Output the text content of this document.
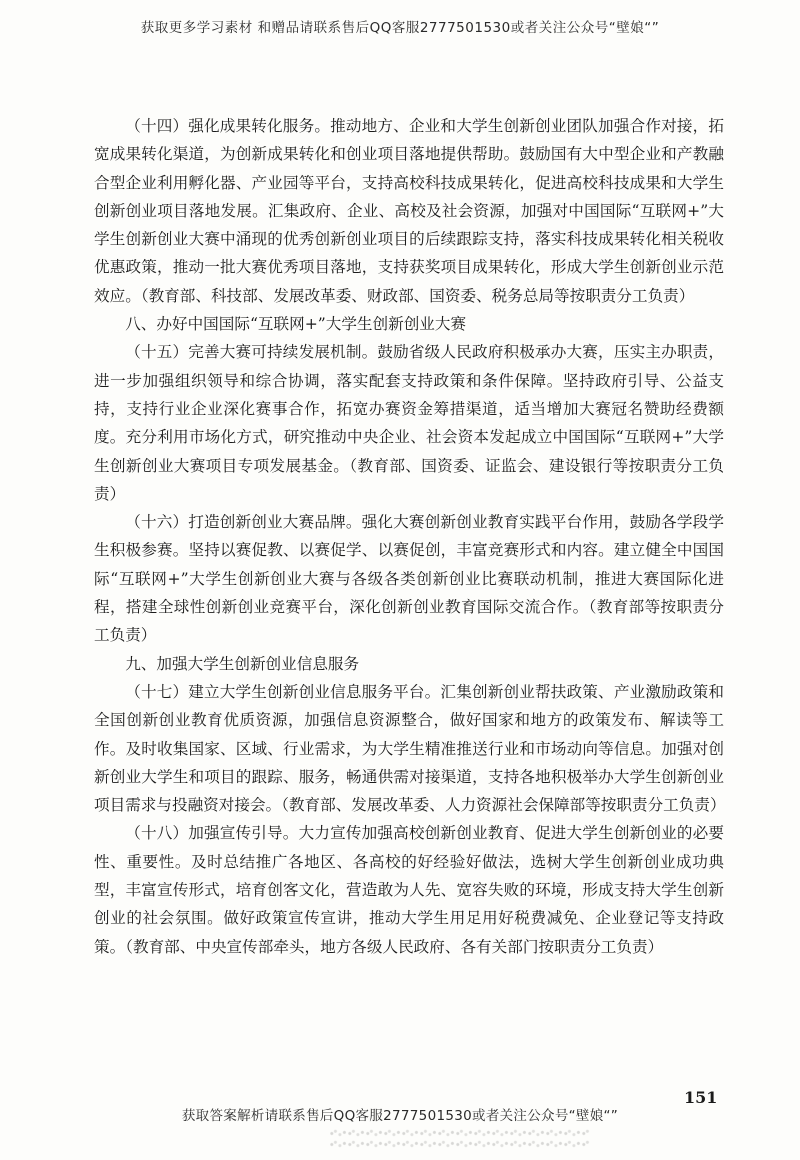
获取更多学习素材 和赠品请联系售后QQ客服2777501530或者关注公众号“壁娘“”

（十四）强化成果转化服务。推动地方、企业和大学生创新创业团队加强合作对接，拓宽成果转化渠道，为创新成果转化和创业项目落地提供帮助。鼓励国有大中型企业和产教融合型企业利用孵化器、产业园等平台，支持高校科技成果转化，促进高校科技成果和大学生创新创业项目落地发展。汇集政府、企业、高校及社会资源，加强对中国国际“互联网+”大学生创新创业大赛中涌现的优秀创新创业项目的后续跟踪支持，落实科技成果转化相关税收优惠政策，推动一批大赛优秀项目落地，支持获奖项目成果转化，形成大学生创新创业示范效应。（教育部、科技部、发展改革委、财政部、国资委、税务总局等按职责分工负责）

八、办好中国国际“互联网+”大学生创新创业大赛

（十五）完善大赛可持续发展机制。鼓励省级人民政府积极承办大赛，压实主办职责，进一步加强组织领导和综合协调，落实配套支持政策和条件保障。坚持政府引导、公益支持，支持行业企业深化赛事合作，拓宽办赛资金筹措渠道，适当增加大赛冠名赞助经费额度。充分利用市场化方式，研究推动中央企业、社会资本发起成立中国国际“互联网+”大学生创新创业大赛项目专项发展基金。（教育部、国资委、证监会、建设银行等按职责分工负责）

（十六）打造创新创业大赛品牌。强化大赛创新创业教育实践平台作用，鼓励各学段学生积极参赛。坚持以赛促教、以赛促学、以赛促创，丰富竞赛形式和内容。建立健全中国国际“互联网+”大学生创新创业大赛与各级各类创新创业比赛联动机制，推进大赛国际化进程，搭建全球性创新创业竞赛平台，深化创新创业教育国际交流合作。（教育部等按职责分工负责）

九、加强大学生创新创业信息服务

（十七）建立大学生创新创业信息服务平台。汇集创新创业帮扶政策、产业激励政策和全国创新创业教育优质资源，加强信息资源整合，做好国家和地方的政策发布、解读等工作。及时收集国家、区域、行业需求，为大学生精准推送行业和市场动向等信息。加强对创新创业大学生和项目的跟踪、服务，畅通供需对接渠道，支持各地积极举办大学生创新创业项目需求与投融资对接会。（教育部、发展改革委、人力资源社会保障部等按职责分工负责）

（十八）加强宣传引导。大力宣传加强高校创新创业教育、促进大学生创新创业的必要性、重要性。及时总结推广各地区、各高校的好经验好做法，选树大学生创新创业成功典型，丰富宣传形式，培育创客文化，营造敢为人先、宽容失败的环境，形成支持大学生创新创业的社会氛围。做好政策宣传宣讲，推动大学生用足用好税费减免、企业登记等支持政策。（教育部、中央宣传部牵头，地方各级人民政府、各有关部门按职责分工负责）

151
获取答案解析请联系售后QQ客服2777501530或者关注公众号“壁娘“”
